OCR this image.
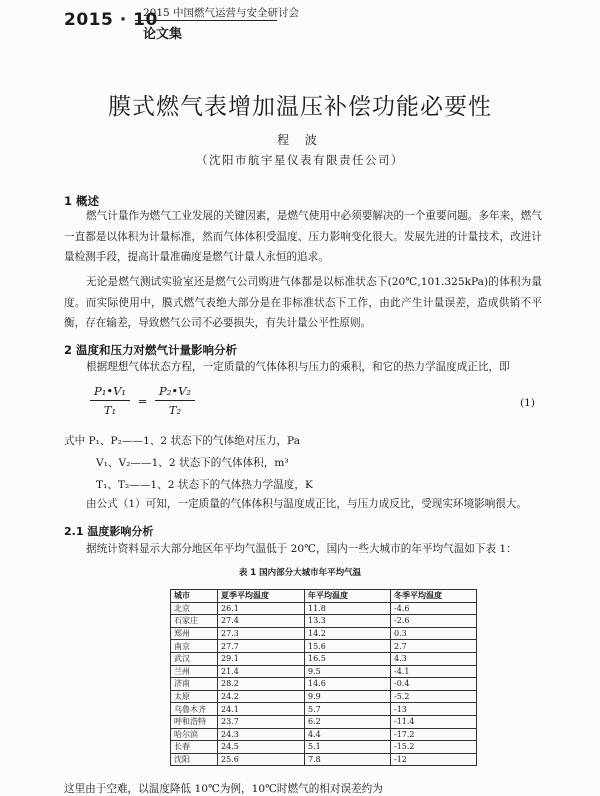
2015 · 10
2015 中国燃气运营与安全研讨会
论文集
膜式燃气表增加温压补偿功能必要性
程 波
（沈阳市航宇星仪表有限责任公司）
1 概述
燃气计量作为燃气工业发展的关键因素，是燃气使用中必须要解决的一个重要问题。多年来，燃气一直都是以体积为计量标准，然而气体体积受温度、压力影响变化很大。发展先进的计量技术，改进计量检测手段，提高计量准确度是燃气计量人永恒的追求。
无论是燃气测试实验室还是燃气公司购进气体都是以标准状态下(20℃,101.325kPa)的体积为量度。而实际使用中，膜式燃气表绝大部分是在非标准状态下工作，由此产生计量误差，造成供销不平衡，存在输差，导致燃气公司不必要损失，有失计量公平性原则。
2 温度和压力对燃气计量影响分析
根据理想气体状态方程，一定质量的气体体积与压力的乘积，和它的热力学温度成正比，即
$\frac{\text{P₁•V₁}}{\text{T₁}} = \frac{\text{P₂•V₂}}{\text{T₂}}$	(1)
式中 P₁、P₂——1、2 状态下的气体绝对压力，Pa
V₁、V₂——1、2 状态下的气体体积，m³
T₁、T₂——1、2 状态下的气体热力学温度，K
由公式（1）可知，一定质量的气体体积与温度成正比，与压力成反比，受现实环境影响很大。
2.1 温度影响分析
据统计资料显示大部分地区年平均气温低于 20℃，国内一些大城市的年平均气温如下表 1：
表 1 国内部分大城市年平均气温
城市	夏季平均温度	年平均温度	冬季平均温度
北京	26.1	11.8	-4.6
石家庄	27.4	13.3	-2.6
郑州	27.3	14.2	0.3
南京	27.7	15.6	2.7
武汉	29.1	16.5	4.3
兰州	21.4	9.5	-4.1
济南	28.2	14.6	-0.4
太原	24.2	9.9	-5.2
乌鲁木齐	24.1	5.7	-13
呼和浩特	23.7	6.2	-11.4
哈尔滨	24.3	4.4	-17.2
长春	24.5	5.1	-15.2
沈阳	25.6	7.8	-12
这里由于空难，以温度降低 10℃为例，10℃时燃气的相对误差约为
